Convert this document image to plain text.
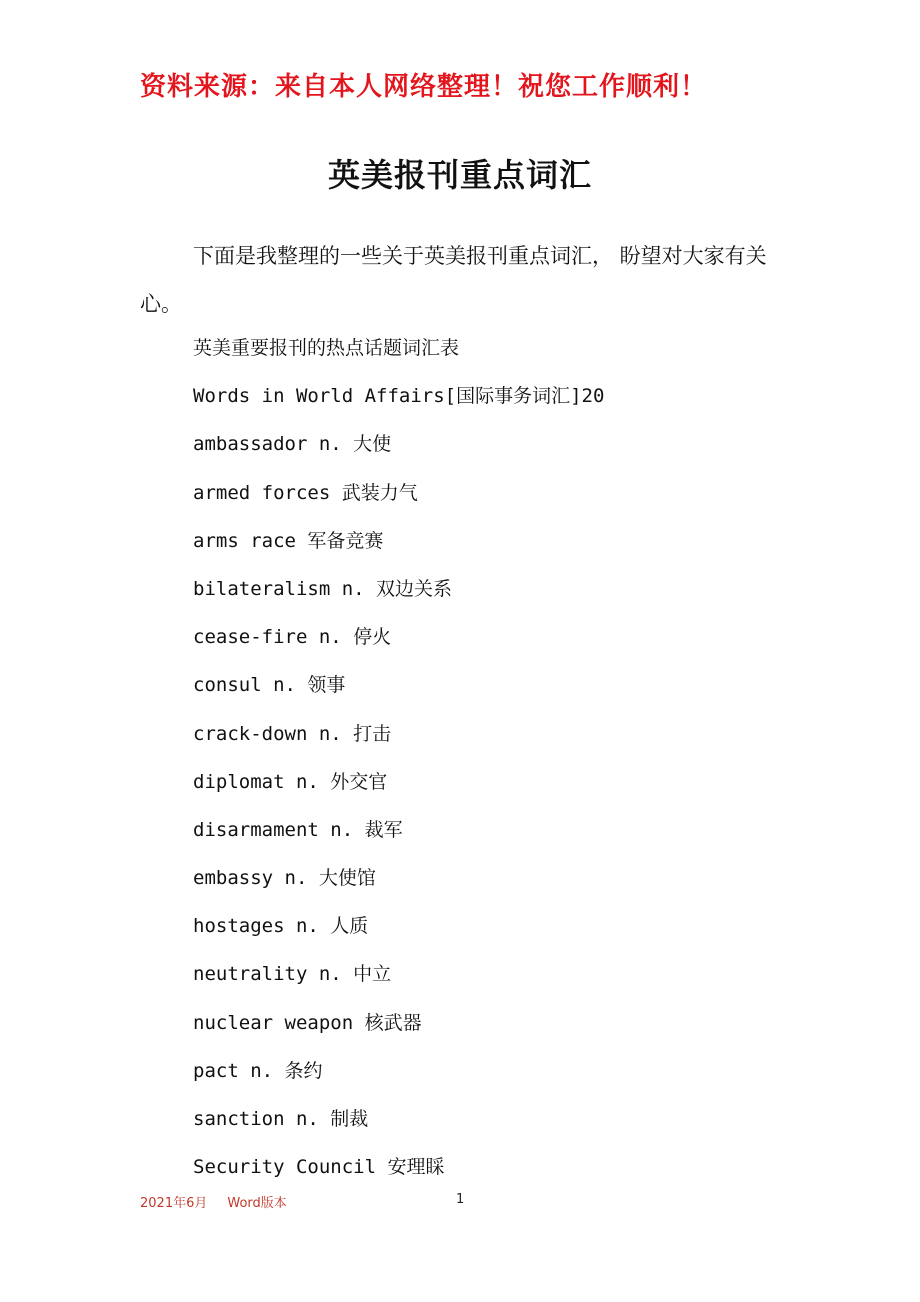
资料来源：来自本人网络整理！祝您工作顺利！
英美报刊重点词汇
下面是我整理的一些关于英美报刊重点词汇， 盼望对大家有关心。
英美重要报刊的热点话题词汇表
Words in World Affairs[国际事务词汇]20
ambassador n. 大使
armed forces 武装力气
arms race 军备竞赛
bilateralism n. 双边关系
cease-fire n. 停火
consul n. 领事
crack-down n. 打击
diplomat n. 外交官
disarmament n. 裁军
embassy n. 大使馆
hostages n. 人质
neutrality n. 中立
nuclear weapon 核武器
pact n. 条约
sanction n. 制裁
Security Council 安理睬
2021年6月 Word版本	1
